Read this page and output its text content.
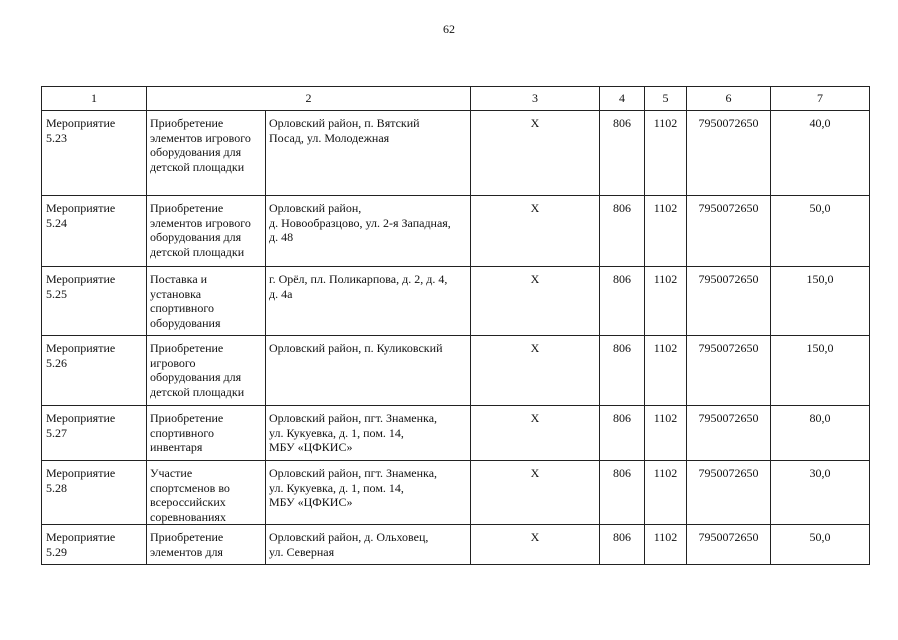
62
1	2		3	4	5	6	7

Мероприятие
5.23	Приобретение
элементов игрового
оборудования для
детской площадки	Орловский район, п. Вятский
Посад, ул. Молодежная	Х	806	1102	7950072650	40,0

Мероприятие
5.24	Приобретение
элементов игрового
оборудования для
детской площадки	Орловский район,
д. Новообразцово, ул. 2-я Западная,
д. 48	Х	806	1102	7950072650	50,0

Мероприятие
5.25	Поставка и
установка
спортивного
оборудования	г. Орёл, пл. Поликарпова, д. 2, д. 4,
д. 4а	Х	806	1102	7950072650	150,0

Мероприятие
5.26	Приобретение
игрового
оборудования для
детской площадки	Орловский район, п. Куликовский	Х	806	1102	7950072650	150,0

Мероприятие
5.27	Приобретение
спортивного
инвентаря	Орловский район, пгт. Знаменка,
ул. Кукуевка, д. 1, пом. 14,
МБУ «ЦФКИС»	Х	806	1102	7950072650	80,0

Мероприятие
5.28	Участие
спортсменов во
всероссийских
соревнованиях	Орловский район, пгт. Знаменка,
ул. Кукуевка, д. 1, пом. 14,
МБУ «ЦФКИС»	Х	806	1102	7950072650	30,0

Мероприятие
5.29	Приобретение
элементов для	Орловский район, д. Ольховец,
ул. Северная	Х	806	1102	7950072650	50,0
